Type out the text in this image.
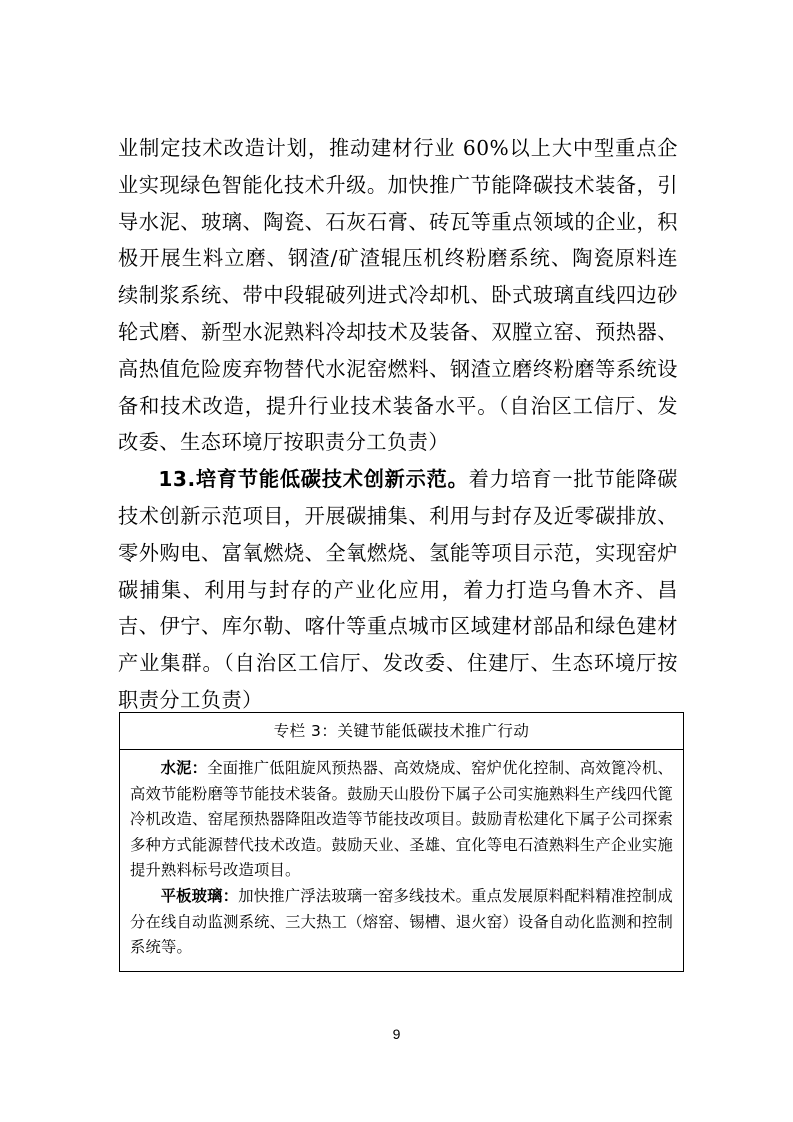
业制定技术改造计划，推动建材行业 60%以上大中型重点企业实现绿色智能化技术升级。加快推广节能降碳技术装备，引导水泥、玻璃、陶瓷、石灰石膏、砖瓦等重点领域的企业，积极开展生料立磨、钢渣/矿渣辊压机终粉磨系统、陶瓷原料连续制浆系统、带中段辊破列进式冷却机、卧式玻璃直线四边砂轮式磨、新型水泥熟料冷却技术及装备、双膛立窑、预热器、高热值危险废弃物替代水泥窑燃料、钢渣立磨终粉磨等系统设备和技术改造，提升行业技术装备水平。（自治区工信厅、发改委、生态环境厅按职责分工负责）

13.培育节能低碳技术创新示范。着力培育一批节能降碳技术创新示范项目，开展碳捕集、利用与封存及近零碳排放、零外购电、富氧燃烧、全氧燃烧、氢能等项目示范，实现窑炉碳捕集、利用与封存的产业化应用，着力打造乌鲁木齐、昌吉、伊宁、库尔勒、喀什等重点城市区域建材部品和绿色建材产业集群。（自治区工信厅、发改委、住建厅、生态环境厅按职责分工负责）

专栏 3：关键节能低碳技术推广行动

水泥：全面推广低阻旋风预热器、高效烧成、窑炉优化控制、高效篦冷机、高效节能粉磨等节能技术装备。鼓励天山股份下属子公司实施熟料生产线四代篦冷机改造、窑尾预热器降阻改造等节能技改项目。鼓励青松建化下属子公司探索多种方式能源替代技术改造。鼓励天业、圣雄、宜化等电石渣熟料生产企业实施提升熟料标号改造项目。

平板玻璃：加快推广浮法玻璃一窑多线技术。重点发展原料配料精准控制成分在线自动监测系统、三大热工（熔窑、锡槽、退火窑）设备自动化监测和控制系统等。

9
